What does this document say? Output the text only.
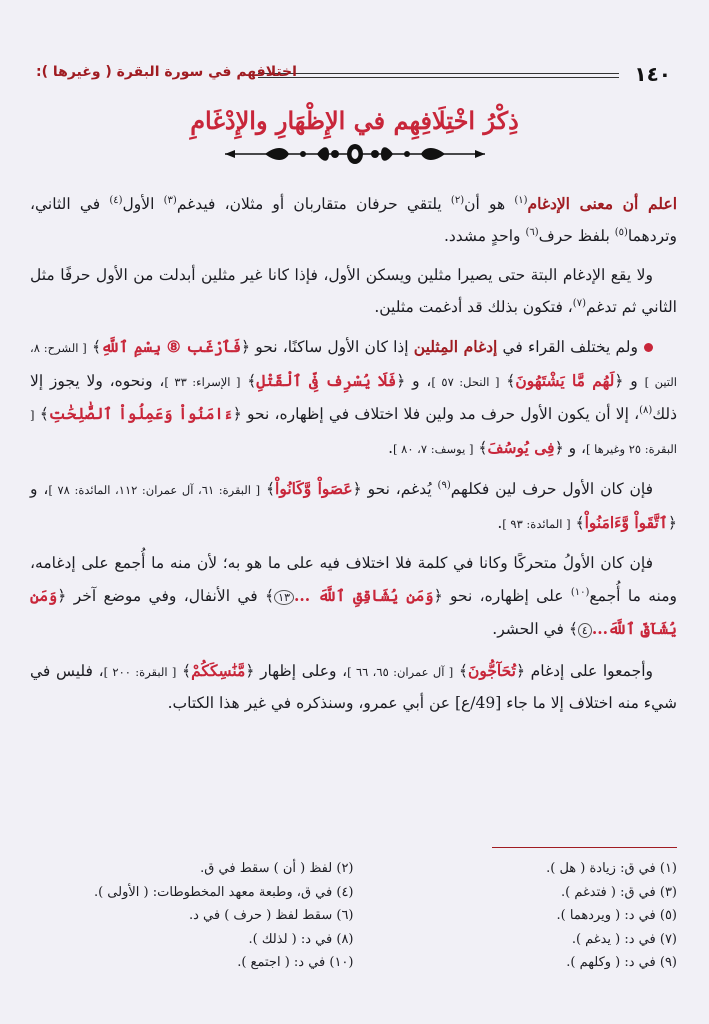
١٤٠
اختلافهم في سورة البقرة ( وغيرها ):
ذِكْرُ اخْتِلَافِهِم في الإِظْهَارِ والإِدْغَامِ

اعلم أن معنى الإدغام$^{(١)}$ هو أن$^{(٢)}$ يلتقي حرفان متقاربان أو مثلان، فيدغم$^{(٣)}$ الأول$^{(٤)}$ في الثاني، وتردهما$^{(٥)}$ بلفظ حرف$^{(٦)}$ واحدٍ مشدد.

ولا يقع الإدغام البتة حتى يصيرا مثلين ويسكن الأول، فإذا كانا غير مثلين أبدلت من الأول حرفًا مثل الثاني ثم تدغم$^{(٧)}$، فتكون بذلك قد أدغمت مثلين.

ولم يختلف القراء في إدغام المِثلين إذا كان الأول ساكنًا، نحو ﴿فَٱرْغَب ⑧ بِسْمِ ٱللَّهِ﴾ [ الشرح: ٨، التين ] و ﴿لَهُم مَّا يَشْتَهُونَ﴾ [ النحل: ٥٧ ]، و ﴿فَلَا يُسْرِف فِّى ٱلْقَتْلِ﴾ [ الإسراء: ٣٣ ]، ونحوه، ولا يجوز إلا ذلك$^{(٨)}$، إلا أن يكون الأول حرف مد ولين فلا اختلاف في إظهاره، نحو ﴿ءَامَنُواْ وَعَمِلُواْ ٱلصَّٰلِحَٰتِ﴾ [ البقرة: ٢٥ وغيرها ]، و ﴿فِى يُوسُفَ﴾ [ يوسف: ٧، ٨٠ ].

فإن كان الأول حرف لين فكلهم$^{(٩)}$ يُدغم، نحو ﴿عَصَواْ وَّكَانُواْ﴾ [ البقرة: ٦١، آل عمران: ١١٢، المائدة: ٧٨ ]، و ﴿ٱتَّقَواْ وَّءَامَنُواْ﴾ [ المائدة: ٩٣ ].

فإن كان الأولُ متحركًا وكانا في كلمة فلا اختلاف فيه على ما هو به؛ لأن منه ما أُجمع على إدغامه، ومنه ما أُجمع$^{(١٠)}$ على إظهاره، نحو ﴿وَمَن يُشَاقِقِ ٱللَّهَ ...١٣﴾ في الأنفال، وفي موضع آخر ﴿وَمَن يُشَآقِّ ٱللَّهَ...٤﴾ في الحشر.

وأجمعوا على إدغام ﴿تُحَآجُّونَ﴾ [ آل عمران: ٦٥، ٦٦ ]، وعلى إظهار ﴿مَّنَٰسِكَكُمْ﴾ [ البقرة: ٢٠٠ ]، فليس في شيء منه اختلاف إلا ما جاء [49/ع] عن أبي عمرو، وسنذكره في غير هذا الكتاب.

(١) في ق: زيادة ( هل ).
(٢) لفظ ( أن ) سقط في ق.
(٣) في ق: ( فتدغم ).
(٤) في ق، وطبعة معهد المخطوطات: ( الأولى ).
(٥) في د: ( ويردهما ).
(٦) سقط لفظ ( حرف ) في د.
(٧) في د: ( يدغم ).
(٨) في د: ( لذلك ).
(٩) في د: ( وكلهم ).
(١٠) في د: ( اجتمع ).
